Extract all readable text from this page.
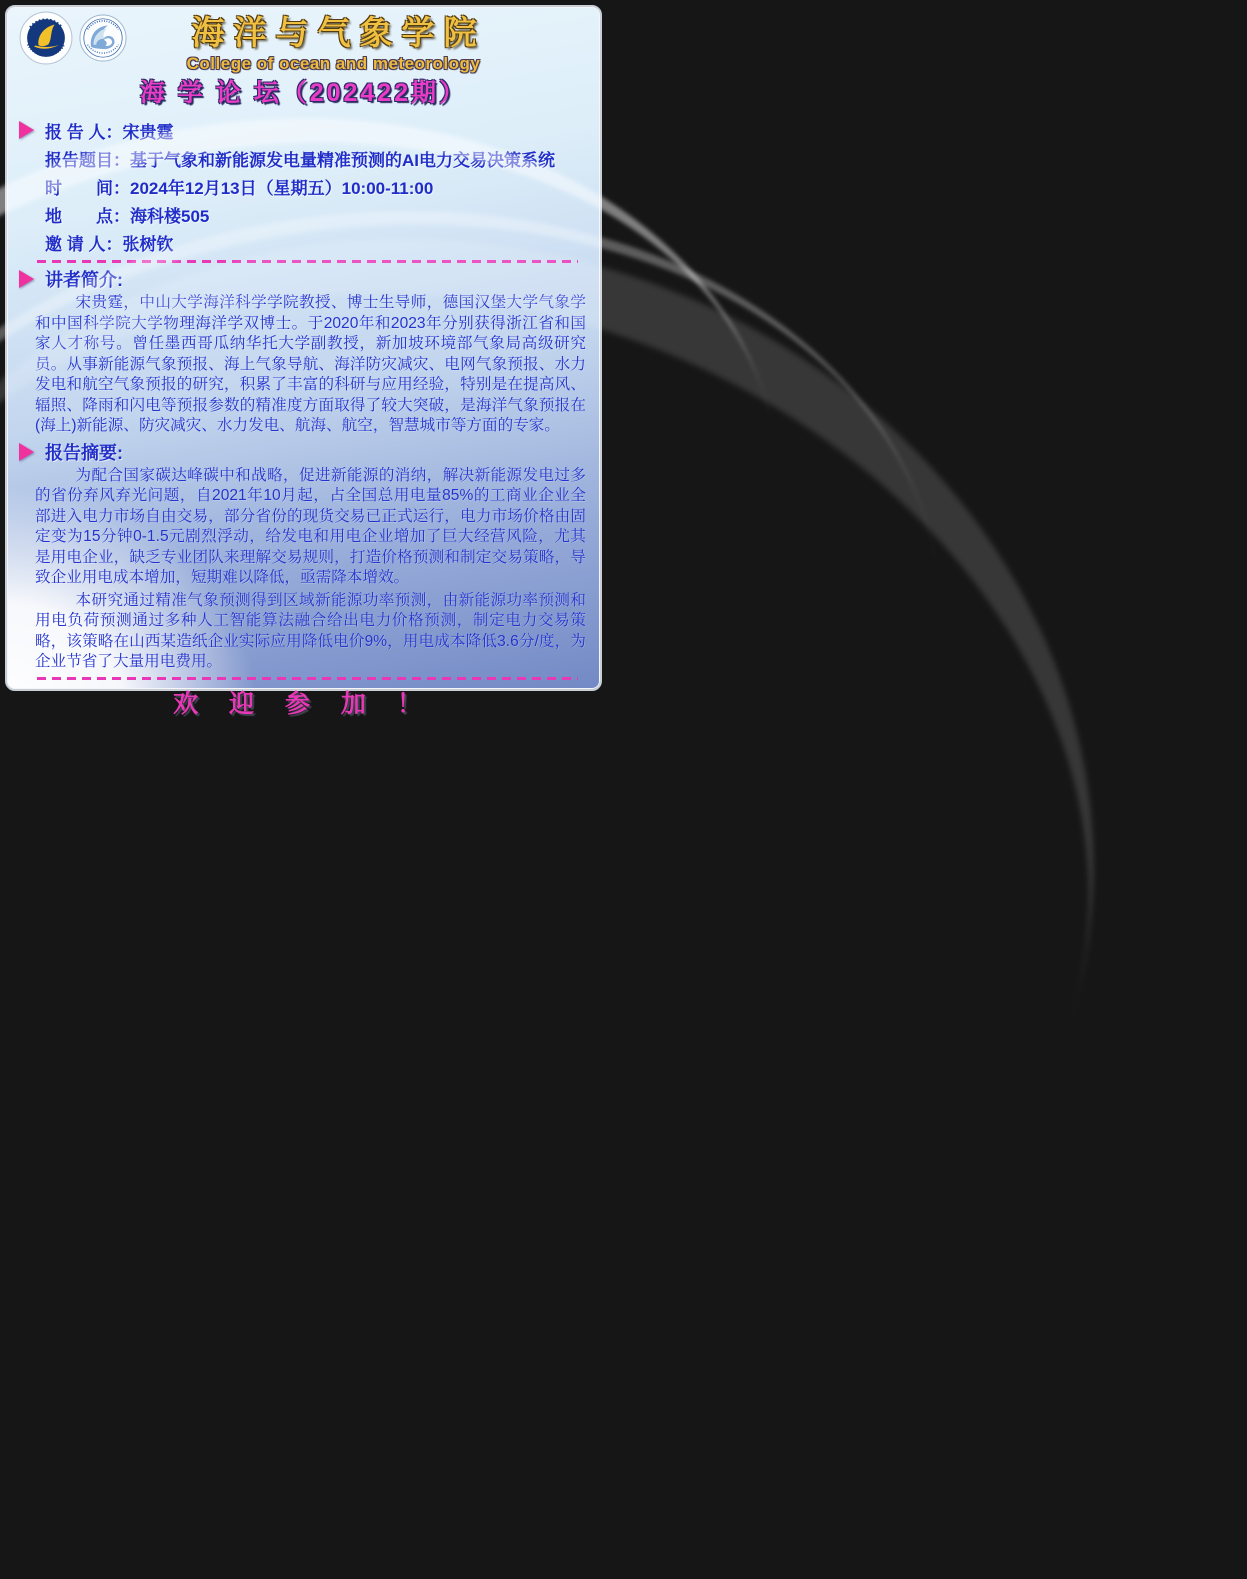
海洋与气象学院
College of ocean and meteorology
海 学 论 坛（202422期）
报 告 人： 宋贵霆
报告题目： 基于气象和新能源发电量精准预测的AI电力交易决策系统
时　　间： 2024年12月13日（星期五）10:00-11:00
地　　点： 海科楼505
邀 请 人： 张树钦
讲者简介:
宋贵霆，中山大学海洋科学学院教授、博士生导师，德国汉堡大学气象学和中国科学院大学物理海洋学双博士。于2020年和2023年分别获得浙江省和国家人才称号。曾任墨西哥瓜纳华托大学副教授，新加坡环境部气象局高级研究员。从事新能源气象预报、海上气象导航、海洋防灾减灾、电网气象预报、水力发电和航空气象预报的研究，积累了丰富的科研与应用经验，特别是在提高风、辐照、降雨和闪电等预报参数的精准度方面取得了较大突破，是海洋气象预报在(海上)新能源、防灾减灾、水力发电、航海、航空，智慧城市等方面的专家。
报告摘要:
为配合国家碳达峰碳中和战略，促进新能源的消纳，解决新能源发电过多的省份弃风弃光问题，自2021年10月起，占全国总用电量85%的工商业企业全部进入电力市场自由交易，部分省份的现货交易已正式运行，电力市场价格由固定变为15分钟0-1.5元剧烈浮动，给发电和用电企业增加了巨大经营风险，尤其是用电企业，缺乏专业团队来理解交易规则，打造价格预测和制定交易策略，导致企业用电成本增加，短期难以降低，亟需降本增效。
本研究通过精准气象预测得到区域新能源功率预测，由新能源功率预测和用电负荷预测通过多种人工智能算法融合给出电力价格预测，制定电力交易策略，该策略在山西某造纸企业实际应用降低电价9%，用电成本降低3.6分/度，为企业节省了大量用电费用。
欢 迎 参 加 ！
